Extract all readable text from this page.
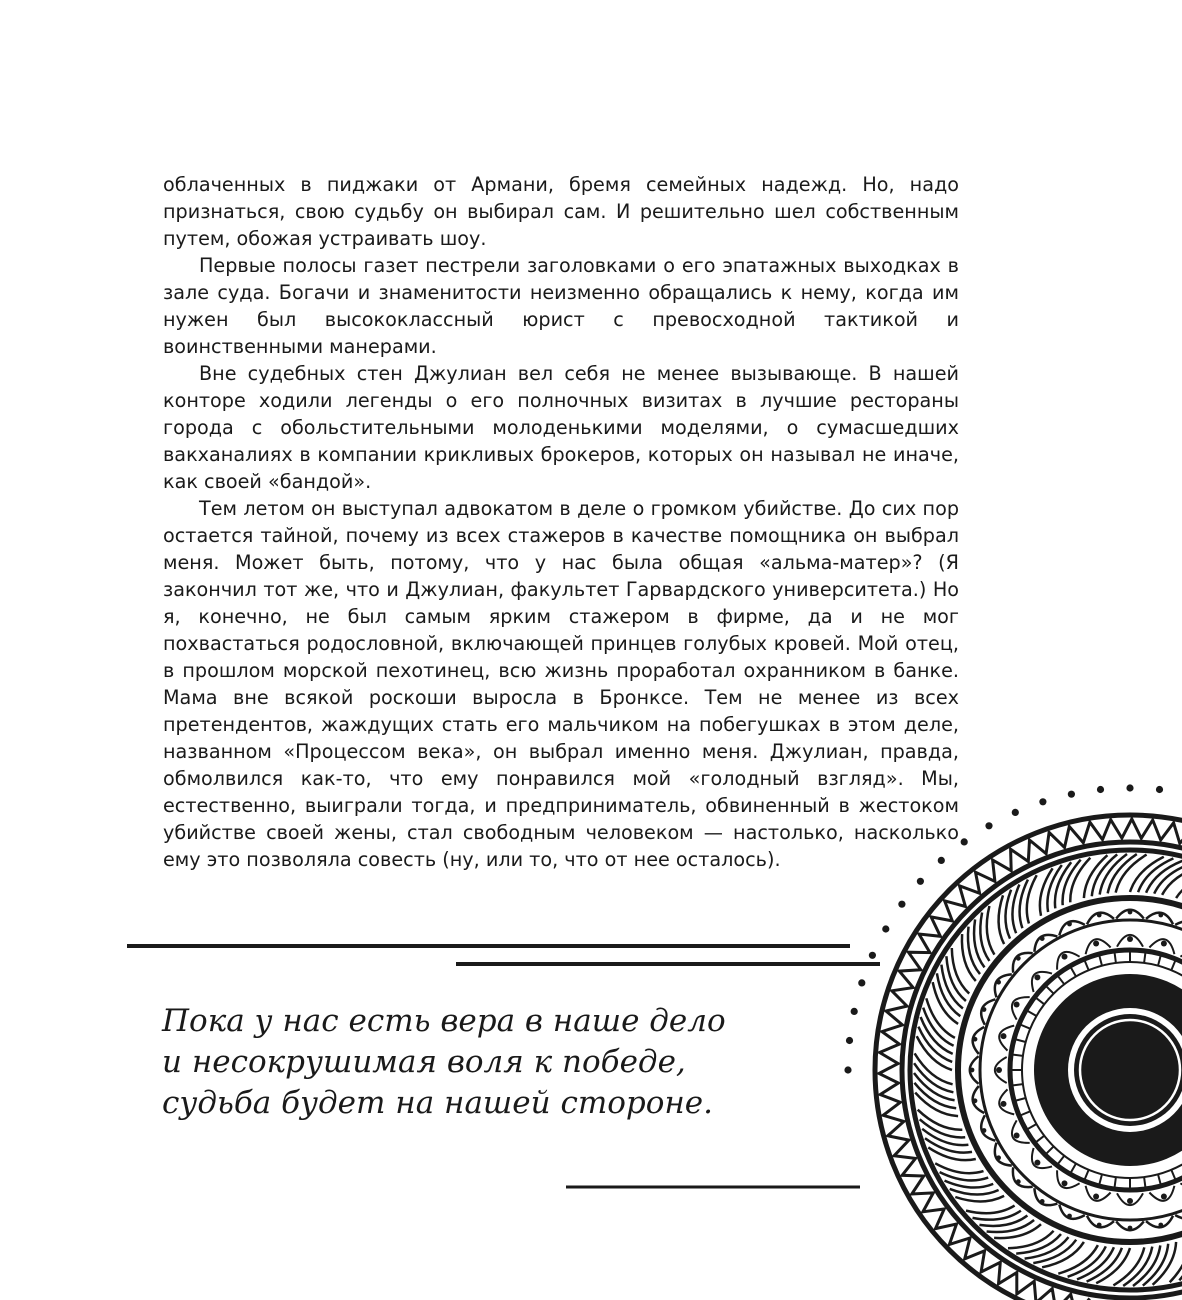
облаченных в пиджаки от Армани, бремя семейных надежд. Но, надо признаться, свою судьбу он выбирал сам. И решительно шел собственным путем, обожая устраивать шоу.

Первые полосы газет пестрели заголовками о его эпатажных выходках в зале суда. Богачи и знаменитости неизменно обращались к нему, когда им нужен был высококлассный юрист с превосходной тактикой и воинственными манерами.

Вне судебных стен Джулиан вел себя не менее вызывающе. В нашей конторе ходили легенды о его полночных визитах в лучшие рестораны города с обольстительными молоденькими моделями, о сумасшедших вакханалиях в компании крикливых брокеров, которых он называл не иначе, как своей «бандой».

Тем летом он выступал адвокатом в деле о громком убийстве. До сих пор остается тайной, почему из всех стажеров в качестве помощника он выбрал меня. Может быть, потому, что у нас была общая «альма-матер»? (Я закончил тот же, что и Джулиан, факультет Гарвардского университета.) Но я, конечно, не был самым ярким стажером в фирме, да и не мог похвастаться родословной, включающей принцев голубых кровей. Мой отец, в прошлом морской пехотинец, всю жизнь проработал охранником в банке. Мама вне всякой роскоши выросла в Бронксе. Тем не менее из всех претендентов, жаждущих стать его мальчиком на побегушках в этом деле, названном «Процессом века», он выбрал именно меня. Джулиан, правда, обмолвился как-то, что ему понравился мой «голодный взгляд». Мы, естественно, выиграли тогда, и предприниматель, обвиненный в жестоком убийстве своей жены, стал свободным человеком — настолько, насколько ему это позволяла совесть (ну, или то, что от нее осталось).

Пока у нас есть вера в наше дело
и несокрушимая воля к победе,
судьба будет на нашей стороне.
